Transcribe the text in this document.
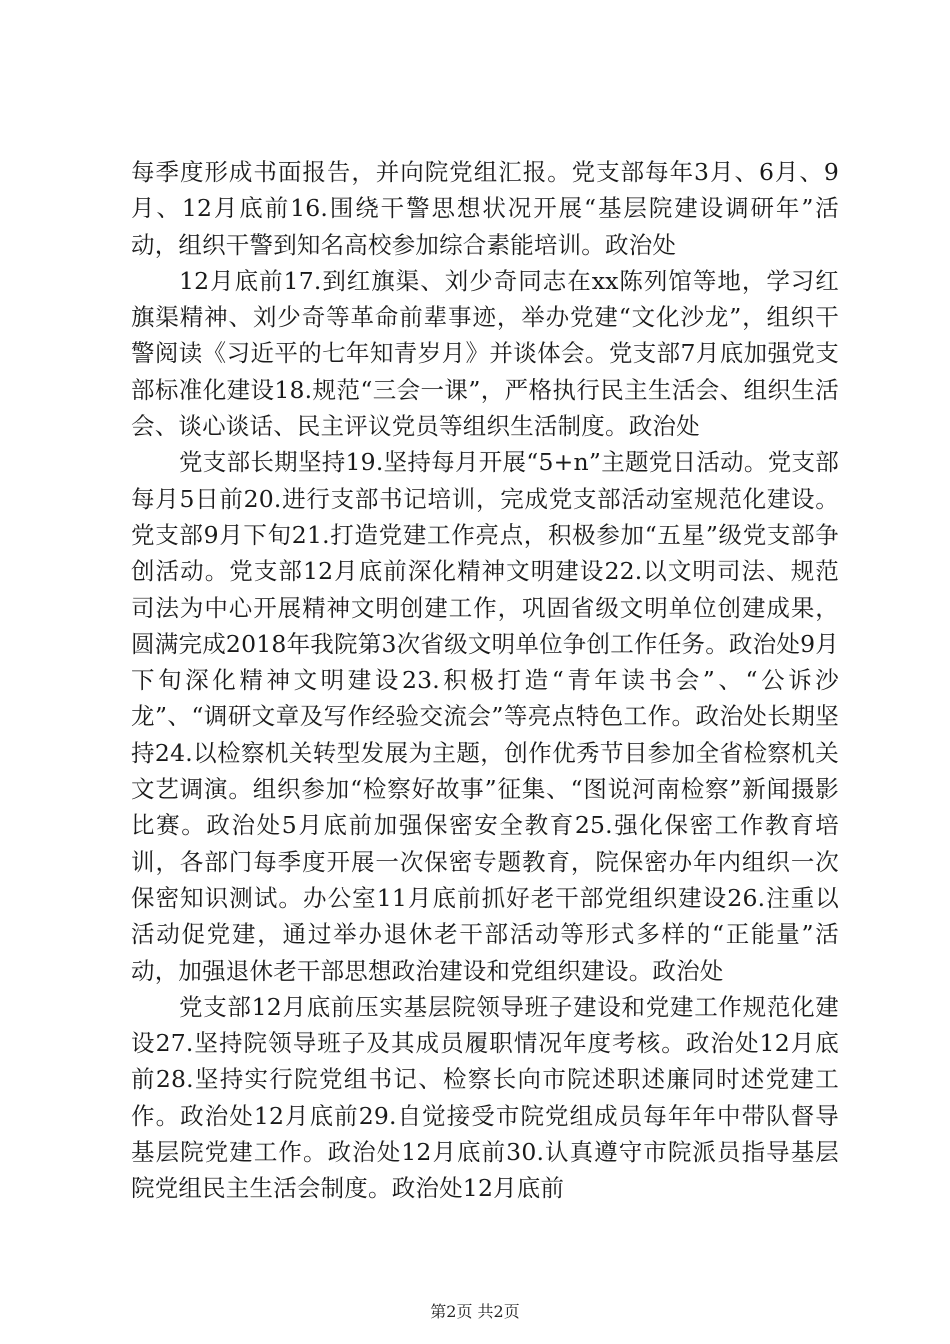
每季度形成书面报告，并向院党组汇报。党支部每年3月、6月、9月、12月底前16.围绕干警思想状况开展“基层院建设调研年”活动，组织干警到知名高校参加综合素能培训。政治处

12月底前17.到红旗渠、刘少奇同志在xx陈列馆等地，学习红旗渠精神、刘少奇等革命前辈事迹，举办党建“文化沙龙”，组织干警阅读《习近平的七年知青岁月》并谈体会。党支部7月底加强党支部标准化建设18.规范“三会一课”，严格执行民主生活会、组织生活会、谈心谈话、民主评议党员等组织生活制度。政治处

党支部长期坚持19.坚持每月开展“5+n”主题党日活动。党支部每月5日前20.进行支部书记培训，完成党支部活动室规范化建设。党支部9月下旬21.打造党建工作亮点，积极参加“五星”级党支部争创活动。党支部12月底前深化精神文明建设22.以文明司法、规范司法为中心开展精神文明创建工作，巩固省级文明单位创建成果，圆满完成2018年我院第3次省级文明单位争创工作任务。政治处9月下旬深化精神文明建设23.积极打造“青年读书会”、“公诉沙龙”、“调研文章及写作经验交流会”等亮点特色工作。政治处长期坚持24.以检察机关转型发展为主题，创作优秀节目参加全省检察机关文艺调演。组织参加“检察好故事”征集、“图说河南检察”新闻摄影比赛。政治处5月底前加强保密安全教育25.强化保密工作教育培训，各部门每季度开展一次保密专题教育，院保密办年内组织一次保密知识测试。办公室11月底前抓好老干部党组织建设26.注重以活动促党建，通过举办退休老干部活动等形式多样的“正能量”活动，加强退休老干部思想政治建设和党组织建设。政治处

党支部12月底前压实基层院领导班子建设和党建工作规范化建设27.坚持院领导班子及其成员履职情况年度考核。政治处12月底前28.坚持实行院党组书记、检察长向市院述职述廉同时述党建工作。政治处12月底前29.自觉接受市院党组成员每年年中带队督导基层院党建工作。政治处12月底前30.认真遵守市院派员指导基层院党组民主生活会制度。政治处12月底前

第2页 共2页
